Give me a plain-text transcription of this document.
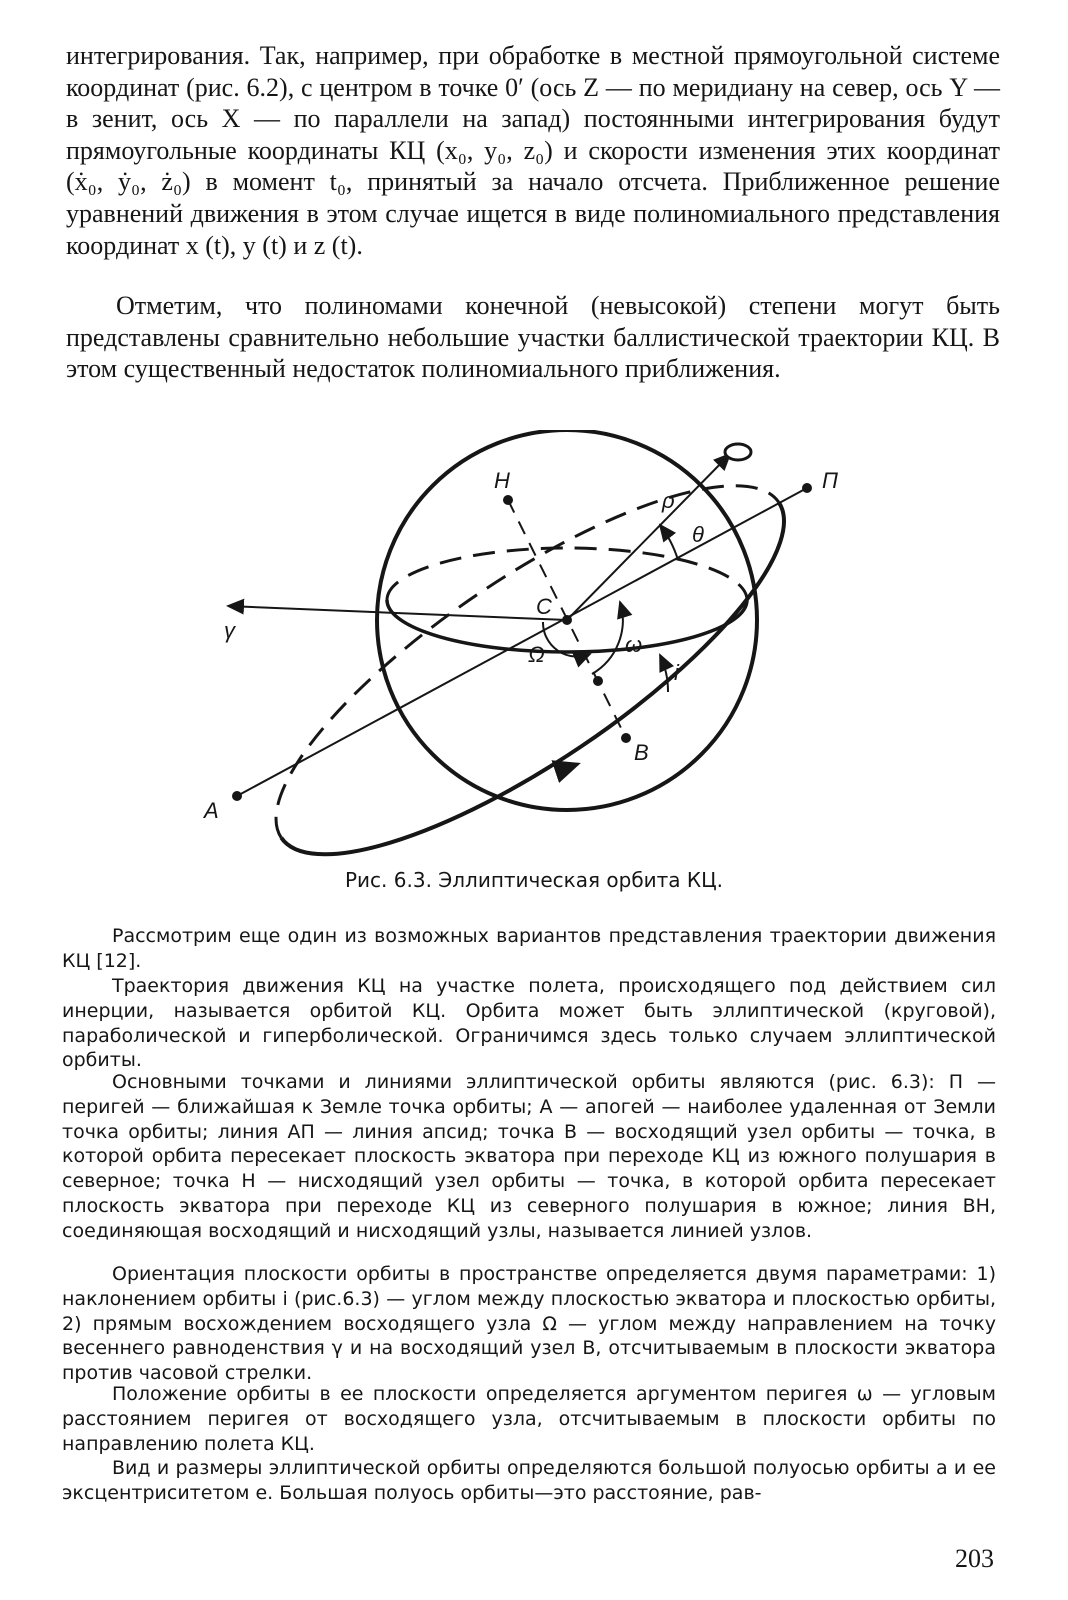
интегрирования. Так, например, при обработке в местной прямоугольной системе координат (рис. 6.2), с центром в точке 0′ (ось Z — по меридиану на север, ось Y — в зенит, ось X — по параллели на запад) постоянными интегрирования будут прямоугольные координаты КЦ (x₀, y₀, z₀) и скорости изменения этих координат (ẋ₀, ẏ₀, ż₀) в момент t₀, принятый за начало отсчета. Приближенное решение уравнений движения в этом случае ищется в виде полиномиального представления координат x (t), y (t) и z (t).

Отметим, что полиномами конечной (невысокой) степени могут быть представлены сравнительно небольшие участки баллистической траектории КЦ. В этом существенный недостаток полиномиального приближения.

H	П
ρ
θ
C
γ
ω
Ω
i
B
A

Рис. 6.3. Эллиптическая орбита КЦ.

Рассмотрим еще один из возможных вариантов представления траектории движения КЦ [12].

Траектория движения КЦ на участке полета, происходящего под действием сил инерции, называется орбитой КЦ. Орбита может быть эллиптической (круговой), параболической и гиперболической. Ограничимся здесь только случаем эллиптической орбиты.

Основными точками и линиями эллиптической орбиты являются (рис. 6.3): П — перигей — ближайшая к Земле точка орбиты; A — апогей — наиболее удаленная от Земли точка орбиты; линия AП — линия апсид; точка B — восходящий узел орбиты — точка, в которой орбита пересекает плоскость экватора при переходе КЦ из южного полушария в северное; точка H — нисходящий узел орбиты — точка, в которой орбита пересекает плоскость экватора при переходе КЦ из северного полушария в южное; линия BH, соединяющая восходящий и нисходящий узлы, называется линией узлов.

Ориентация плоскости орбиты в пространстве определяется двумя параметрами: 1) наклонением орбиты i (рис.6.3) — углом между плоскостью экватора и плоскостью орбиты, 2) прямым восхождением восходящего узла Ω — углом между направлением на точку весеннего равноденствия γ и на восходящий узел B, отсчитываемым в плоскости экватора против часовой стрелки.

Положение орбиты в ее плоскости определяется аргументом перигея ω — угловым расстоянием перигея от восходящего узла, отсчитываемым в плоскости орбиты по направлению полета КЦ.

Вид и размеры эллиптической орбиты определяются большой полуосью орбиты a и ее эксцентриситетом e. Большая полуось орбиты—это расстояние, рав-

203
